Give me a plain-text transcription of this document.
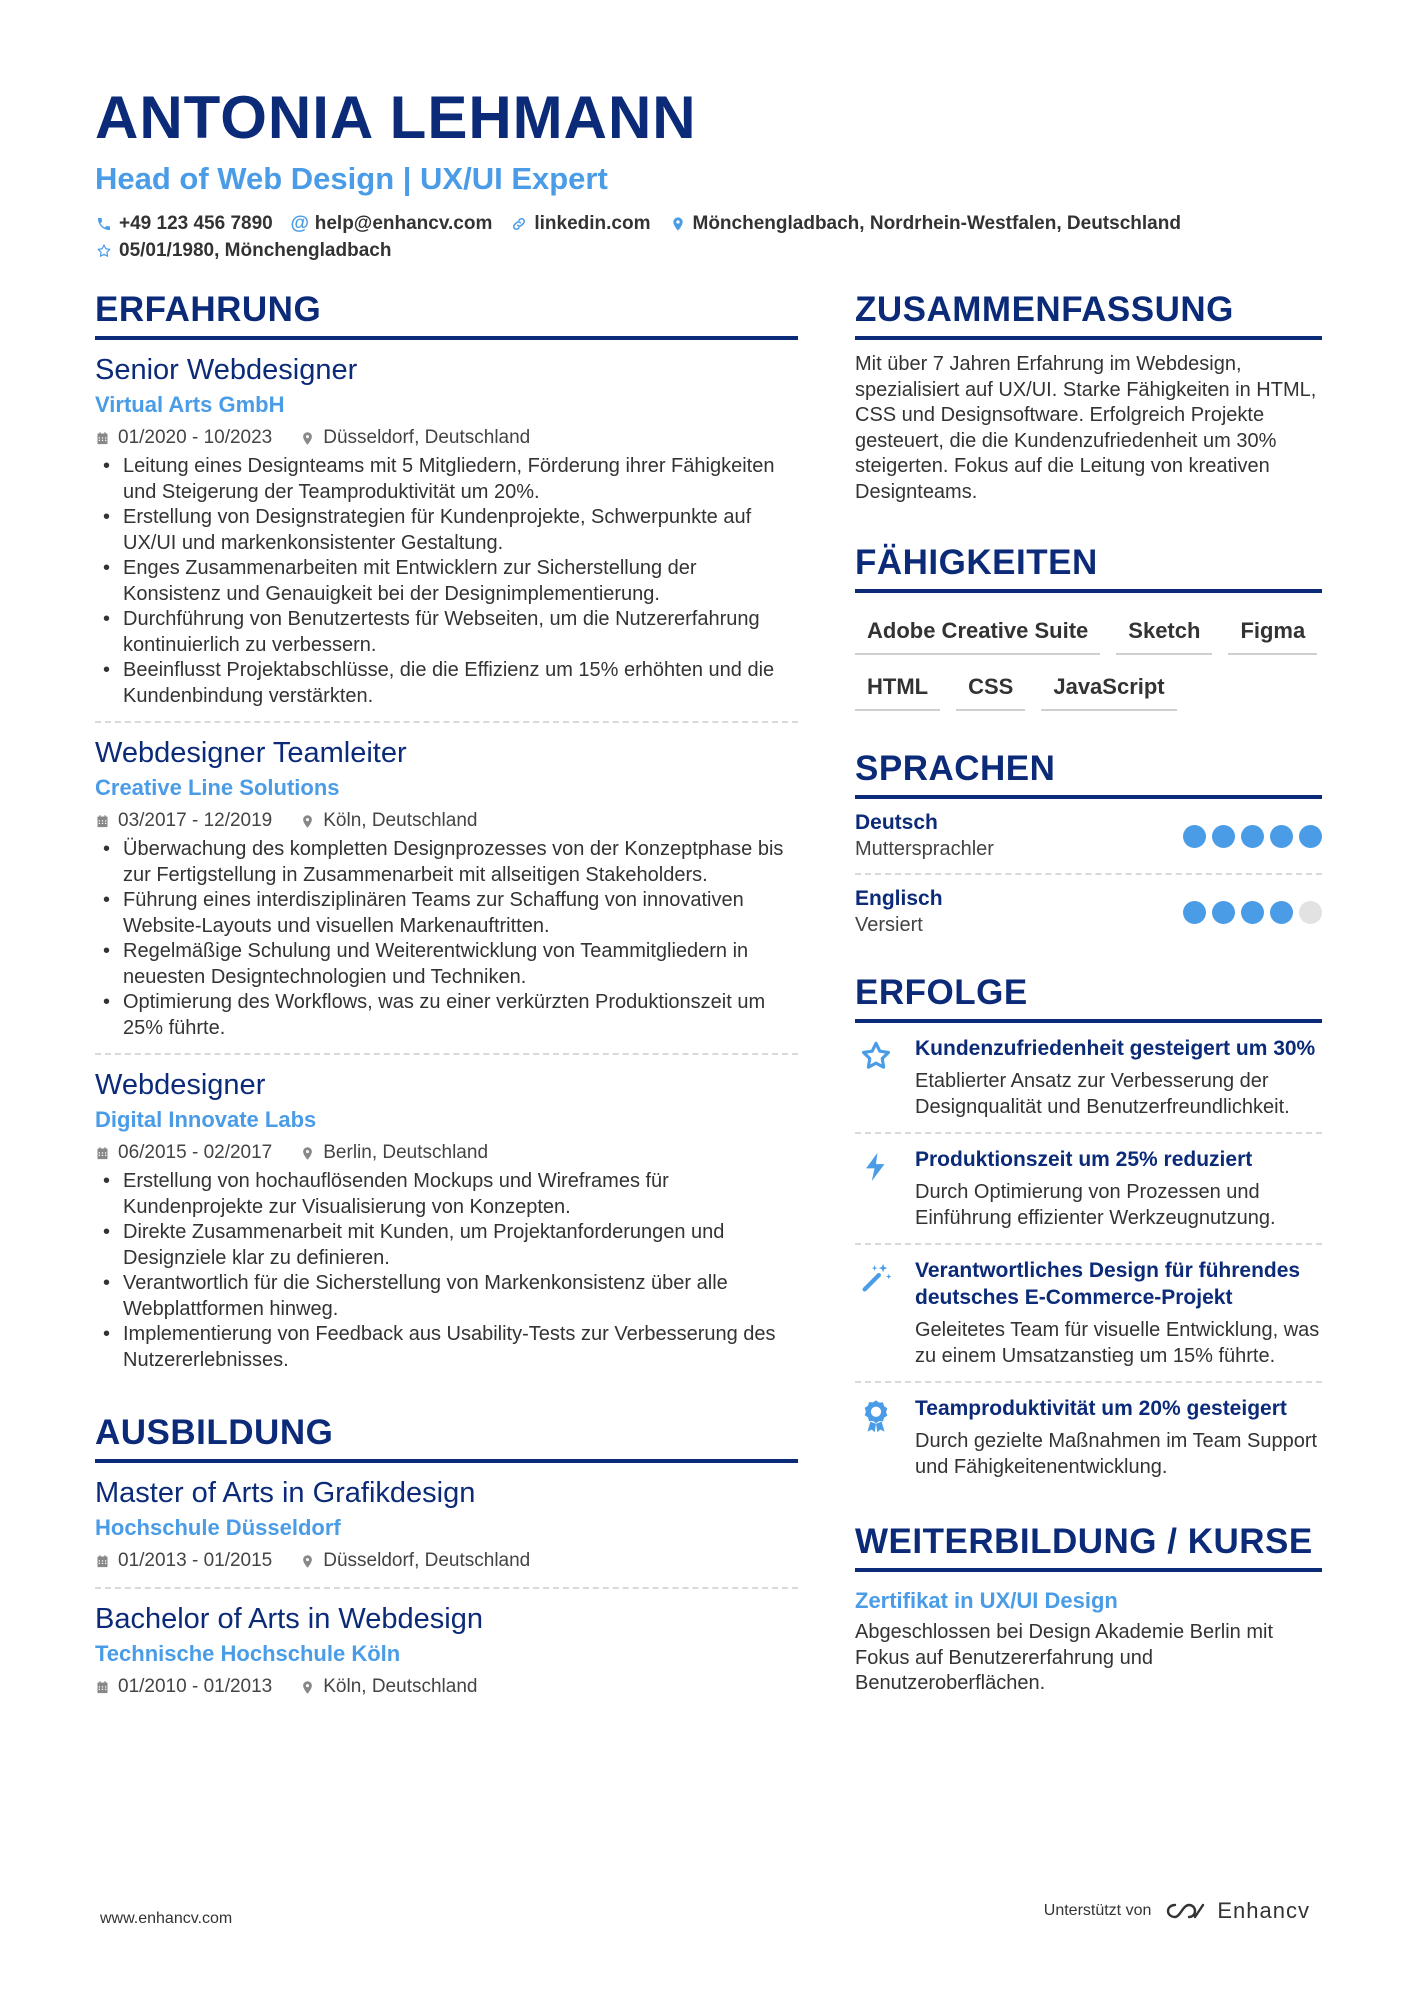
ANTONIA LEHMANN
Head of Web Design | UX/UI Expert
+49 123 456 7890 @ help@enhancv.com linkedin.com Mönchengladbach, Nordrhein-Westfalen, Deutschland
05/01/1980, Mönchengladbach
ERFAHRUNG
Senior Webdesigner
Virtual Arts GmbH
01/2020 - 10/2023	Düsseldorf, Deutschland
• Leitung eines Designteams mit 5 Mitgliedern, Förderung ihrer Fähigkeiten und Steigerung der Teamproduktivität um 20%.
• Erstellung von Designstrategien für Kundenprojekte, Schwerpunkte auf UX/UI und markenkonsistenter Gestaltung.
• Enges Zusammenarbeiten mit Entwicklern zur Sicherstellung der Konsistenz und Genauigkeit bei der Designimplementierung.
• Durchführung von Benutzertests für Webseiten, um die Nutzererfahrung kontinuierlich zu verbessern.
• Beeinflusst Projektabschlüsse, die die Effizienz um 15% erhöhten und die Kundenbindung verstärkten.
Webdesigner Teamleiter
Creative Line Solutions
03/2017 - 12/2019	Köln, Deutschland
• Überwachung des kompletten Designprozesses von der Konzeptphase bis zur Fertigstellung in Zusammenarbeit mit allseitigen Stakeholders.
• Führung eines interdisziplinären Teams zur Schaffung von innovativen Website-Layouts und visuellen Markenauftritten.
• Regelmäßige Schulung und Weiterentwicklung von Teammitgliedern in neuesten Designtechnologien und Techniken.
• Optimierung des Workflows, was zu einer verkürzten Produktionszeit um 25% führte.
Webdesigner
Digital Innovate Labs
06/2015 - 02/2017	Berlin, Deutschland
• Erstellung von hochauflösenden Mockups und Wireframes für Kundenprojekte zur Visualisierung von Konzepten.
• Direkte Zusammenarbeit mit Kunden, um Projektanforderungen und Designziele klar zu definieren.
• Verantwortlich für die Sicherstellung von Markenkonsistenz über alle Webplattformen hinweg.
• Implementierung von Feedback aus Usability-Tests zur Verbesserung des Nutzererlebnisses.
AUSBILDUNG
Master of Arts in Grafikdesign
Hochschule Düsseldorf
01/2013 - 01/2015	Düsseldorf, Deutschland
Bachelor of Arts in Webdesign
Technische Hochschule Köln
01/2010 - 01/2013	Köln, Deutschland
ZUSAMMENFASSUNG
Mit über 7 Jahren Erfahrung im Webdesign, spezialisiert auf UX/UI. Starke Fähigkeiten in HTML, CSS und Designsoftware. Erfolgreich Projekte gesteuert, die die Kundenzufriedenheit um 30% steigerten. Fokus auf die Leitung von kreativen Designteams.
FÄHIGKEITEN
Adobe Creative Suite	Sketch	Figma
HTML	CSS	JavaScript
SPRACHEN
Deutsch
Muttersprachler
Englisch
Versiert
ERFOLGE
Kundenzufriedenheit gesteigert um 30%
Etablierter Ansatz zur Verbesserung der Designqualität und Benutzerfreundlichkeit.
Produktionszeit um 25% reduziert
Durch Optimierung von Prozessen und Einführung effizienter Werkzeugnutzung.
Verantwortliches Design für führendes deutsches E-Commerce-Projekt
Geleitetes Team für visuelle Entwicklung, was zu einem Umsatzanstieg um 15% führte.
Teamproduktivität um 20% gesteigert
Durch gezielte Maßnahmen im Team Support und Fähigkeitenentwicklung.
WEITERBILDUNG / KURSE
Zertifikat in UX/UI Design
Abgeschlossen bei Design Akademie Berlin mit Fokus auf Benutzererfahrung und Benutzeroberflächen.
www.enhancv.com	Unterstützt von	Enhancv
